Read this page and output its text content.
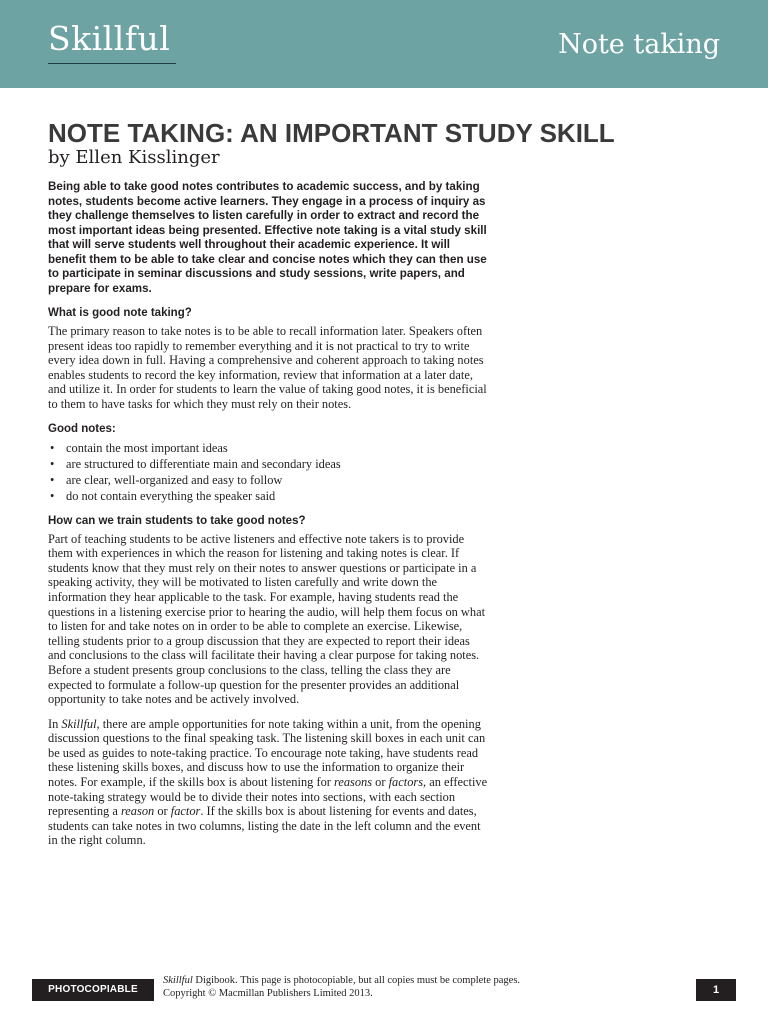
Skillful	Note taking
NOTE TAKING: AN IMPORTANT STUDY SKILL
by Ellen Kisslinger

Being able to take good notes contributes to academic success, and by taking notes, students become active learners. They engage in a process of inquiry as they challenge themselves to listen carefully in order to extract and record the most important ideas being presented. Effective note taking is a vital study skill that will serve students well throughout their academic experience. It will benefit them to be able to take clear and concise notes which they can then use to participate in seminar discussions and study sessions, write papers, and prepare for exams.

What is good note taking?

The primary reason to take notes is to be able to recall information later. Speakers often present ideas too rapidly to remember everything and it is not practical to try to write every idea down in full. Having a comprehensive and coherent approach to taking notes enables students to record the key information, review that information at a later date, and utilize it. In order for students to learn the value of taking good notes, it is beneficial to them to have tasks for which they must rely on their notes.

Good notes:
• contain the most important ideas
• are structured to differentiate main and secondary ideas
• are clear, well-organized and easy to follow
• do not contain everything the speaker said
How can we train students to take good notes?

Part of teaching students to be active listeners and effective note takers is to provide them with experiences in which the reason for listening and taking notes is clear. If students know that they must rely on their notes to answer questions or participate in a speaking activity, they will be motivated to listen carefully and write down the information they hear applicable to the task. For example, having students read the questions in a listening exercise prior to hearing the audio, will help them focus on what to listen for and take notes on in order to be able to complete an exercise. Likewise, telling students prior to a group discussion that they are expected to report their ideas and conclusions to the class will facilitate their having a clear purpose for taking notes. Before a student presents group conclusions to the class, telling the class they are expected to formulate a follow-up question for the presenter provides an additional opportunity to take notes and be actively involved.

In Skillful, there are ample opportunities for note taking within a unit, from the opening discussion questions to the final speaking task. The listening skill boxes in each unit can be used as guides to note-taking practice. To encourage note taking, have students read these listening skills boxes, and discuss how to use the information to organize their notes. For example, if the skills box is about listening for reasons or factors, an effective note-taking strategy would be to divide their notes into sections, with each section representing a reason or factor. If the skills box is about listening for events and dates, students can take notes in two columns, listing the date in the left column and the event in the right column.

PHOTOCOPIABLE
Skillful Digibook. This page is photocopiable, but all copies must be complete pages.
Copyright © Macmillan Publishers Limited 2013.	1
